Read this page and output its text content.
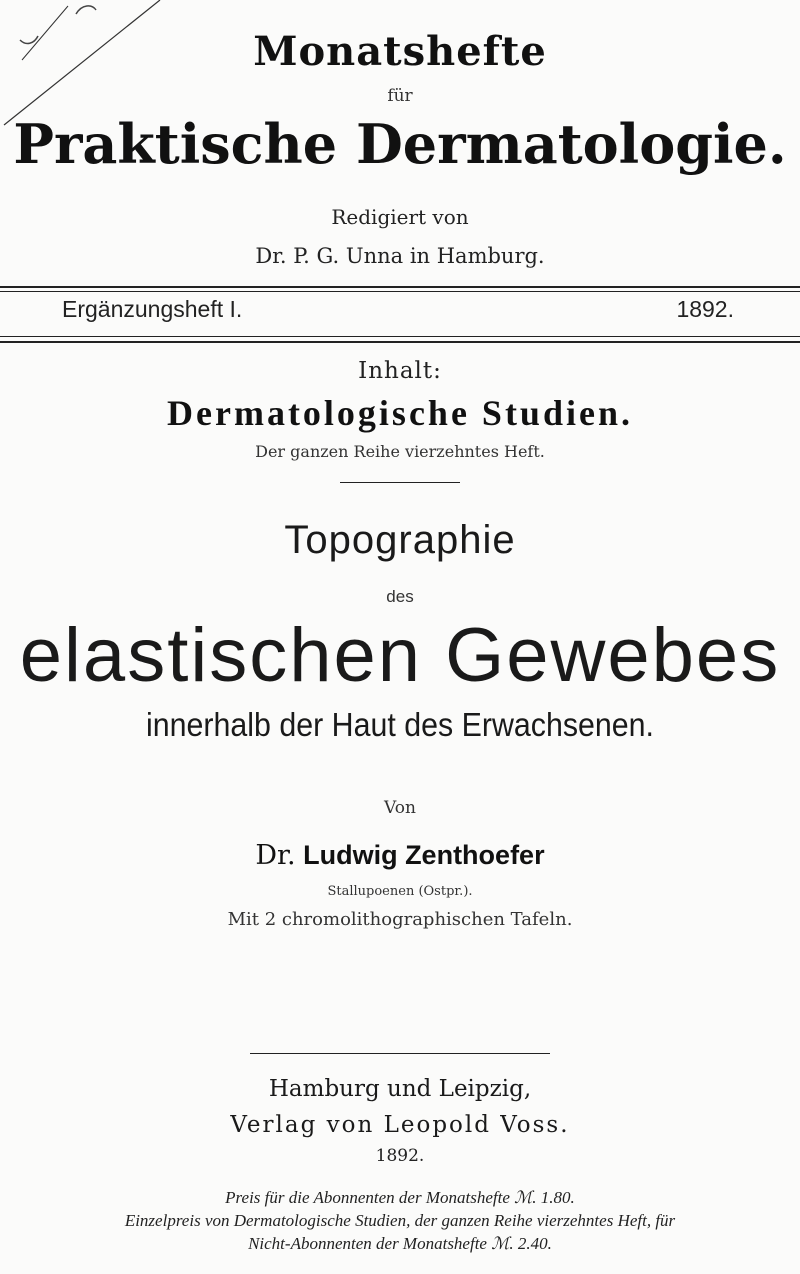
Monatshefte
für
Praktische Dermatologie.
Redigiert von
Dr. P. G. Unna in Hamburg.
Ergänzungsheft I.	1892.
Inhalt:
Dermatologische Studien.
Der ganzen Reihe vierzehntes Heft.
Topographie
des
elastischen Gewebes
innerhalb der Haut des Erwachsenen.
Von
Dr. Ludwig Zenthoefer
Stallupoenen (Ostpr.).
Mit 2 chromolithographischen Tafeln.
Hamburg und Leipzig,
Verlag von Leopold Voss.
1892.
Preis für die Abonnenten der Monatshefte ℳ. 1.80.
Einzelpreis von Dermatologische Studien, der ganzen Reihe vierzehntes Heft, für
Nicht-Abonnenten der Monatshefte ℳ. 2.40.
